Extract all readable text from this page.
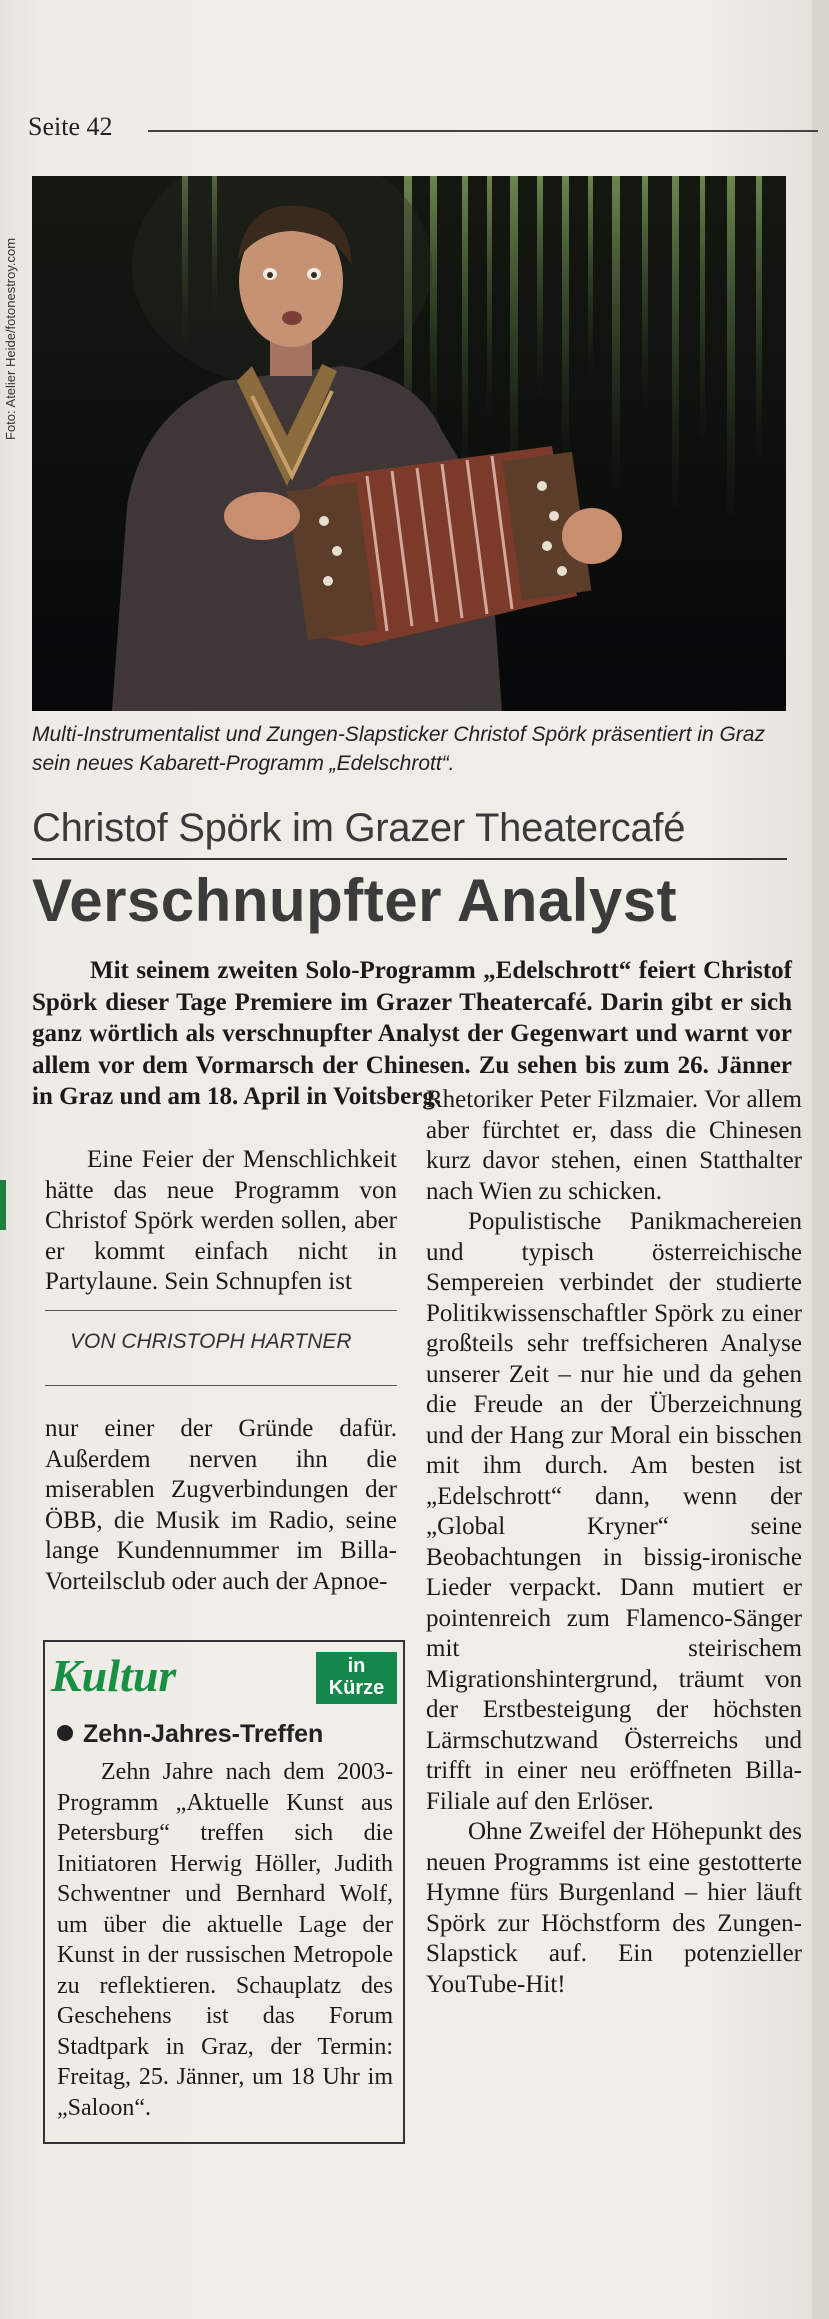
Seite 42
Foto: Atelier Heide/fotonestroy.com
Multi-Instrumentalist und Zungen-Slapsticker Christof Spörk präsentiert in Graz sein neues Kabarett-Programm „Edelschrott“.
Christof Spörk im Grazer Theatercafé
Verschnupfter Analyst
Mit seinem zweiten Solo-Programm „Edelschrott“ feiert Christof Spörk dieser Tage Premiere im Grazer Theatercafé. Darin gibt er sich ganz wörtlich als verschnupfter Analyst der Gegenwart und warnt vor allem vor dem Vormarsch der Chinesen. Zu sehen bis zum 26. Jänner in Graz und am 18. April in Voitsberg.

Eine Feier der Menschlichkeit hätte das neue Programm von Christof Spörk werden sollen, aber er kommt einfach nicht in Partylaune. Sein Schnupfen ist

VON CHRISTOPH HARTNER

nur einer der Gründe dafür. Außerdem nerven ihn die miserablen Zugverbindungen der ÖBB, die Musik im Radio, seine lange Kundennummer im Billa-Vorteilsclub oder auch der Apnoe-

Rhetoriker Peter Filzmaier. Vor allem aber fürchtet er, dass die Chinesen kurz davor stehen, einen Statthalter nach Wien zu schicken.

Populistische Panikmachereien und typisch österreichische Sempereien verbindet der studierte Politikwissenschaftler Spörk zu einer großteils sehr treffsicheren Analyse unserer Zeit – nur hie und da gehen die Freude an der Überzeichnung und der Hang zur Moral ein bisschen mit ihm durch. Am besten ist „Edelschrott“ dann, wenn der „Global Kryner“ seine Beobachtungen in bissig-ironische Lieder verpackt. Dann mutiert er pointenreich zum Flamenco-Sänger mit steirischem Migrationshintergrund, träumt von der Erstbesteigung der höchsten Lärmschutzwand Österreichs und trifft in einer neu eröffneten Billa-Filiale auf den Erlöser.

Ohne Zweifel der Höhepunkt des neuen Programms ist eine gestotterte Hymne fürs Burgenland – hier läuft Spörk zur Höchstform des Zungen-Slapstick auf. Ein potenzieller YouTube-Hit!

Kultur	in
Kürze
Zehn-Jahres-Treffen
Zehn Jahre nach dem 2003-Programm „Aktuelle Kunst aus Petersburg“ treffen sich die Initiatoren Herwig Höller, Judith Schwentner und Bernhard Wolf, um über die aktuelle Lage der Kunst in der russischen Metropole zu reflektieren. Schauplatz des Geschehens ist das Forum Stadtpark in Graz, der Termin: Freitag, 25. Jänner, um 18 Uhr im „Saloon“.
